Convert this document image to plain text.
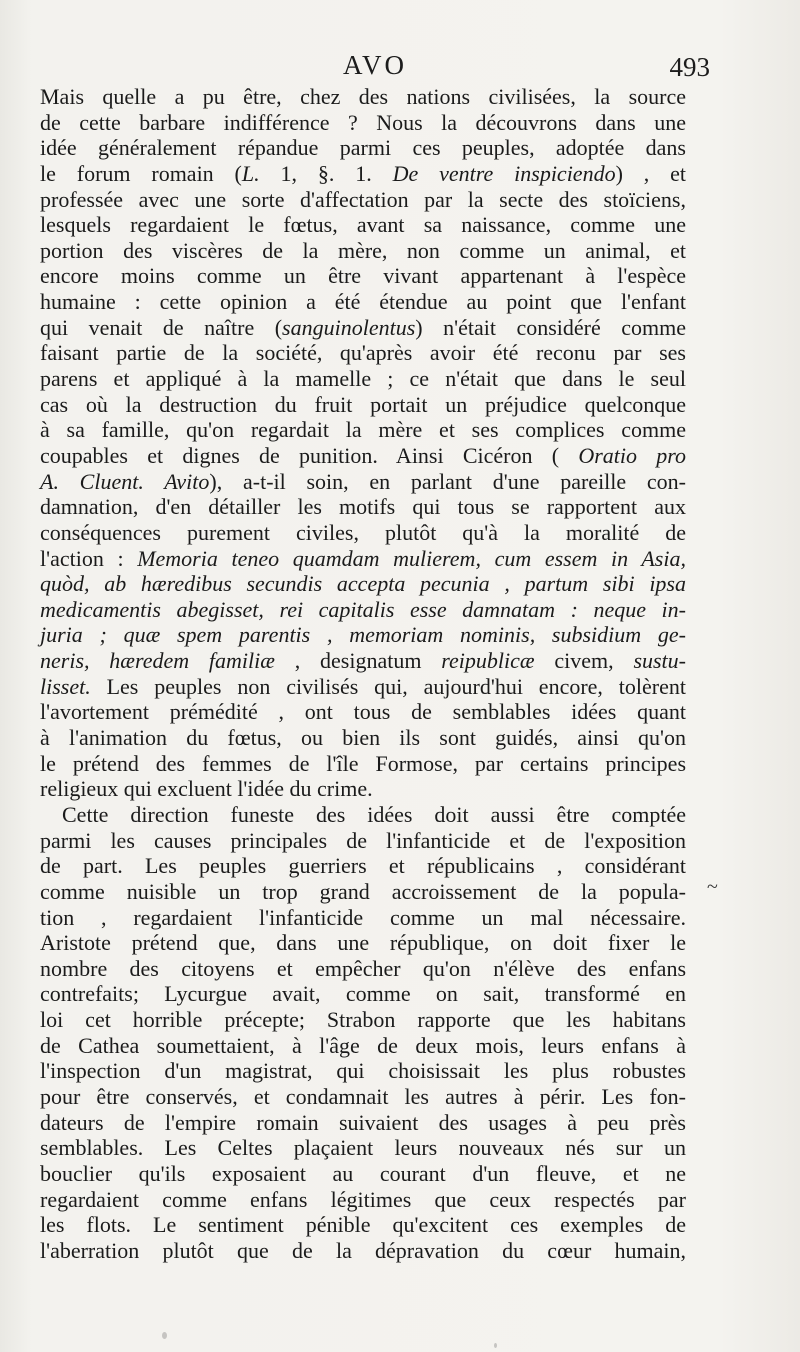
AVO	493
Mais quelle a pu être, chez des nations civilisées, la source
de cette barbare indifférence ? Nous la découvrons dans une
idée généralement répandue parmi ces peuples, adoptée dans
le forum romain (L. 1, §. 1. De ventre inspiciendo) , et
professée avec une sorte d'affectation par la secte des stoïciens,
lesquels regardaient le fœtus, avant sa naissance, comme une
portion des viscères de la mère, non comme un animal, et
encore moins comme un être vivant appartenant à l'espèce
humaine : cette opinion a été étendue au point que l'enfant
qui venait de naître (sanguinolentus) n'était considéré comme
faisant partie de la société, qu'après avoir été reconu par ses
parens et appliqué à la mamelle ; ce n'était que dans le seul
cas où la destruction du fruit portait un préjudice quelconque
à sa famille, qu'on regardait la mère et ses complices comme
coupables et dignes de punition. Ainsi Cicéron ( Oratio pro
A. Cluent. Avito), a-t-il soin, en parlant d'une pareille con-
damnation, d'en détailler les motifs qui tous se rapportent aux
conséquences purement civiles, plutôt qu'à la moralité de
l'action : Memoria teneo quamdam mulierem, cum essem in Asia,
quòd, ab hæredibus secundis accepta pecunia , partum sibi ipsa
medicamentis abegisset, rei capitalis esse damnatam : neque in-
juria ; quæ spem parentis , memoriam nominis, subsidium ge-
neris, hæredem familiæ , designatum reipublicæ civem, sustu-
lisset. Les peuples non civilisés qui, aujourd'hui encore, tolèrent
l'avortement prémédité , ont tous de semblables idées quant
à l'animation du fœtus, ou bien ils sont guidés, ainsi qu'on
le prétend des femmes de l'île Formose, par certains principes
religieux qui excluent l'idée du crime.
Cette direction funeste des idées doit aussi être comptée
parmi les causes principales de l'infanticide et de l'exposition
de part. Les peuples guerriers et républicains , considérant
comme nuisible un trop grand accroissement de la popula-
tion , regardaient l'infanticide comme un mal nécessaire.
Aristote prétend que, dans une république, on doit fixer le
nombre des citoyens et empêcher qu'on n'élève des enfans
contrefaits; Lycurgue avait, comme on sait, transformé en
loi cet horrible précepte; Strabon rapporte que les habitans
de Cathea soumettaient, à l'âge de deux mois, leurs enfans à
l'inspection d'un magistrat, qui choisissait les plus robustes
pour être conservés, et condamnait les autres à périr. Les fon-
dateurs de l'empire romain suivaient des usages à peu près
semblables. Les Celtes plaçaient leurs nouveaux nés sur un
bouclier qu'ils exposaient au courant d'un fleuve, et ne
regardaient comme enfans légitimes que ceux respectés par
les flots. Le sentiment pénible qu'excitent ces exemples de
l'aberration plutôt que de la dépravation du cœur humain,
~
